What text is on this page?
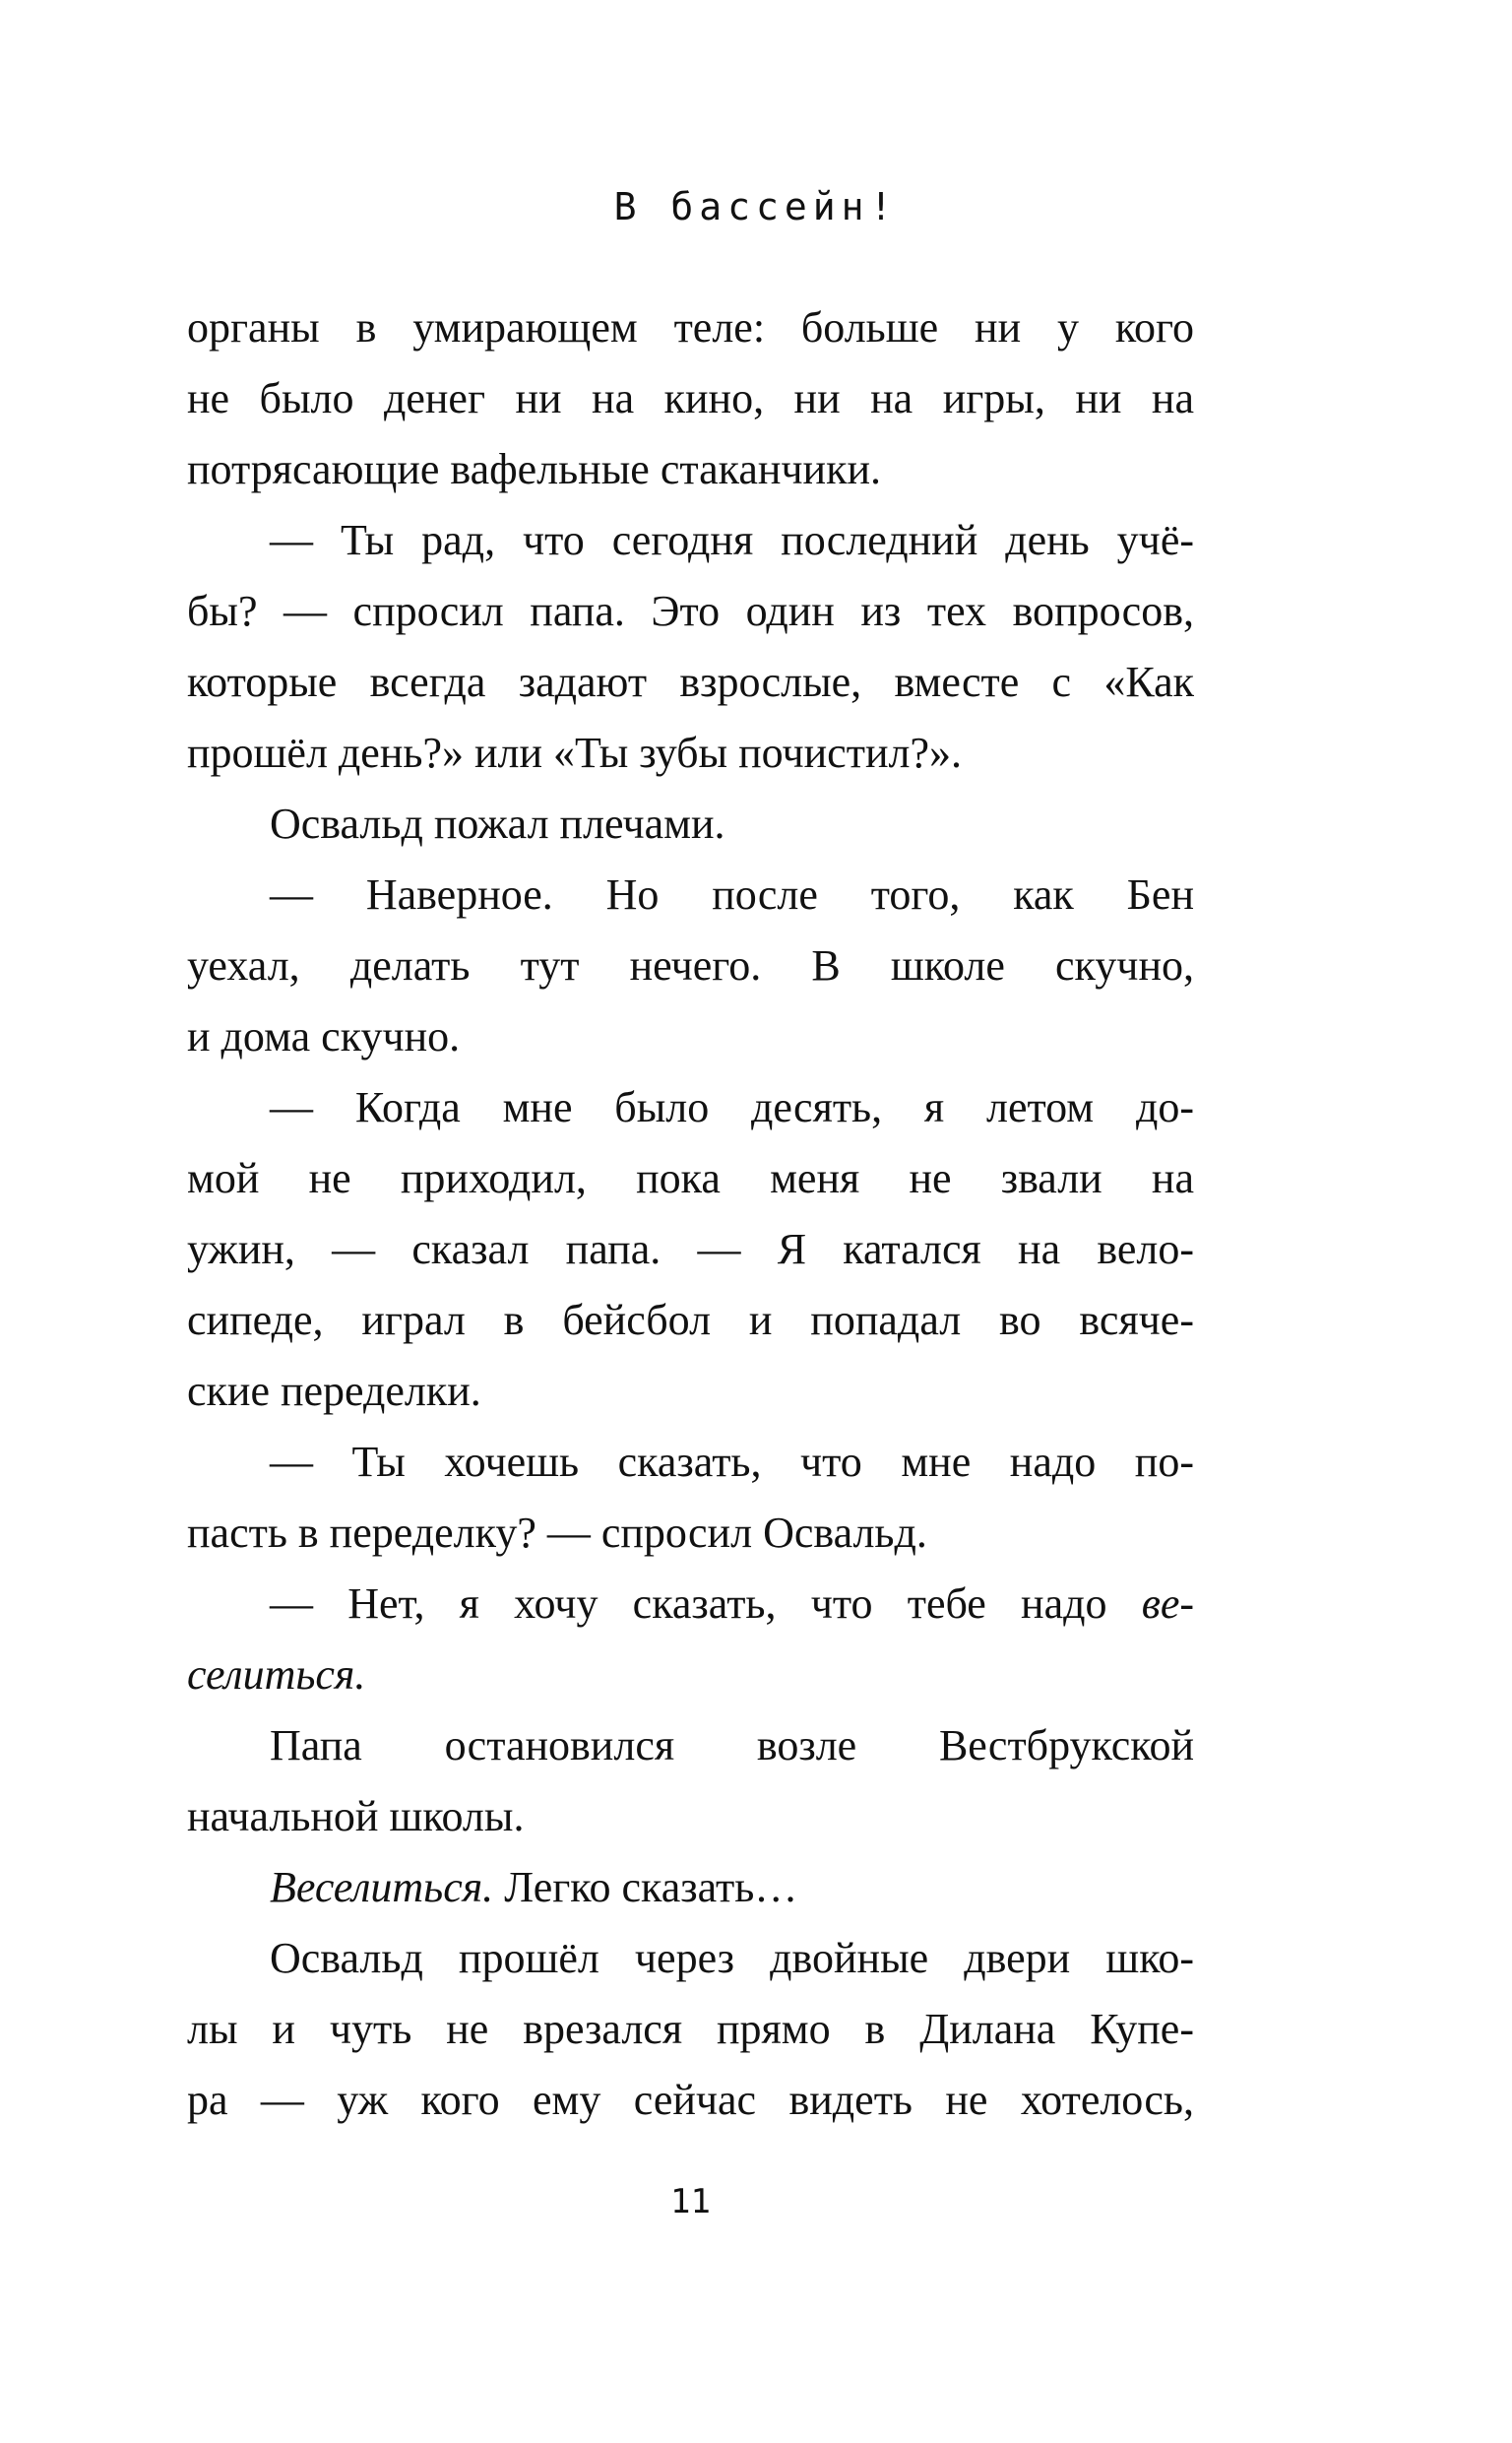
В бассейн!
органы в умирающем теле: больше ни у кого
не было денег ни на кино, ни на игры, ни на
потрясающие вафельные стаканчики.
— Ты рад, что сегодня последний день учё-
бы? — спросил папа. Это один из тех вопросов,
которые всегда задают взрослые, вместе с «Как
прошёл день?» или «Ты зубы почистил?».
Освальд пожал плечами.
— Наверное. Но после того, как Бен
уехал, делать тут нечего. В школе скучно,
и дома скучно.
— Когда мне было десять, я летом до-
мой не приходил, пока меня не звали на
ужин, — сказал папа. — Я катался на вело-
сипеде, играл в бейсбол и попадал во всяче-
ские переделки.
— Ты хочешь сказать, что мне надо по-
пасть в переделку? — спросил Освальд.
— Нет, я хочу сказать, что тебе надо ве-
селиться.
Папа остановился возле Вестбрукской
начальной школы.
Веселиться. Легко сказать…
Освальд прошёл через двойные двери шко-
лы и чуть не врезался прямо в Дилана Купе-
ра — уж кого ему сейчас видеть не хотелось,
11
